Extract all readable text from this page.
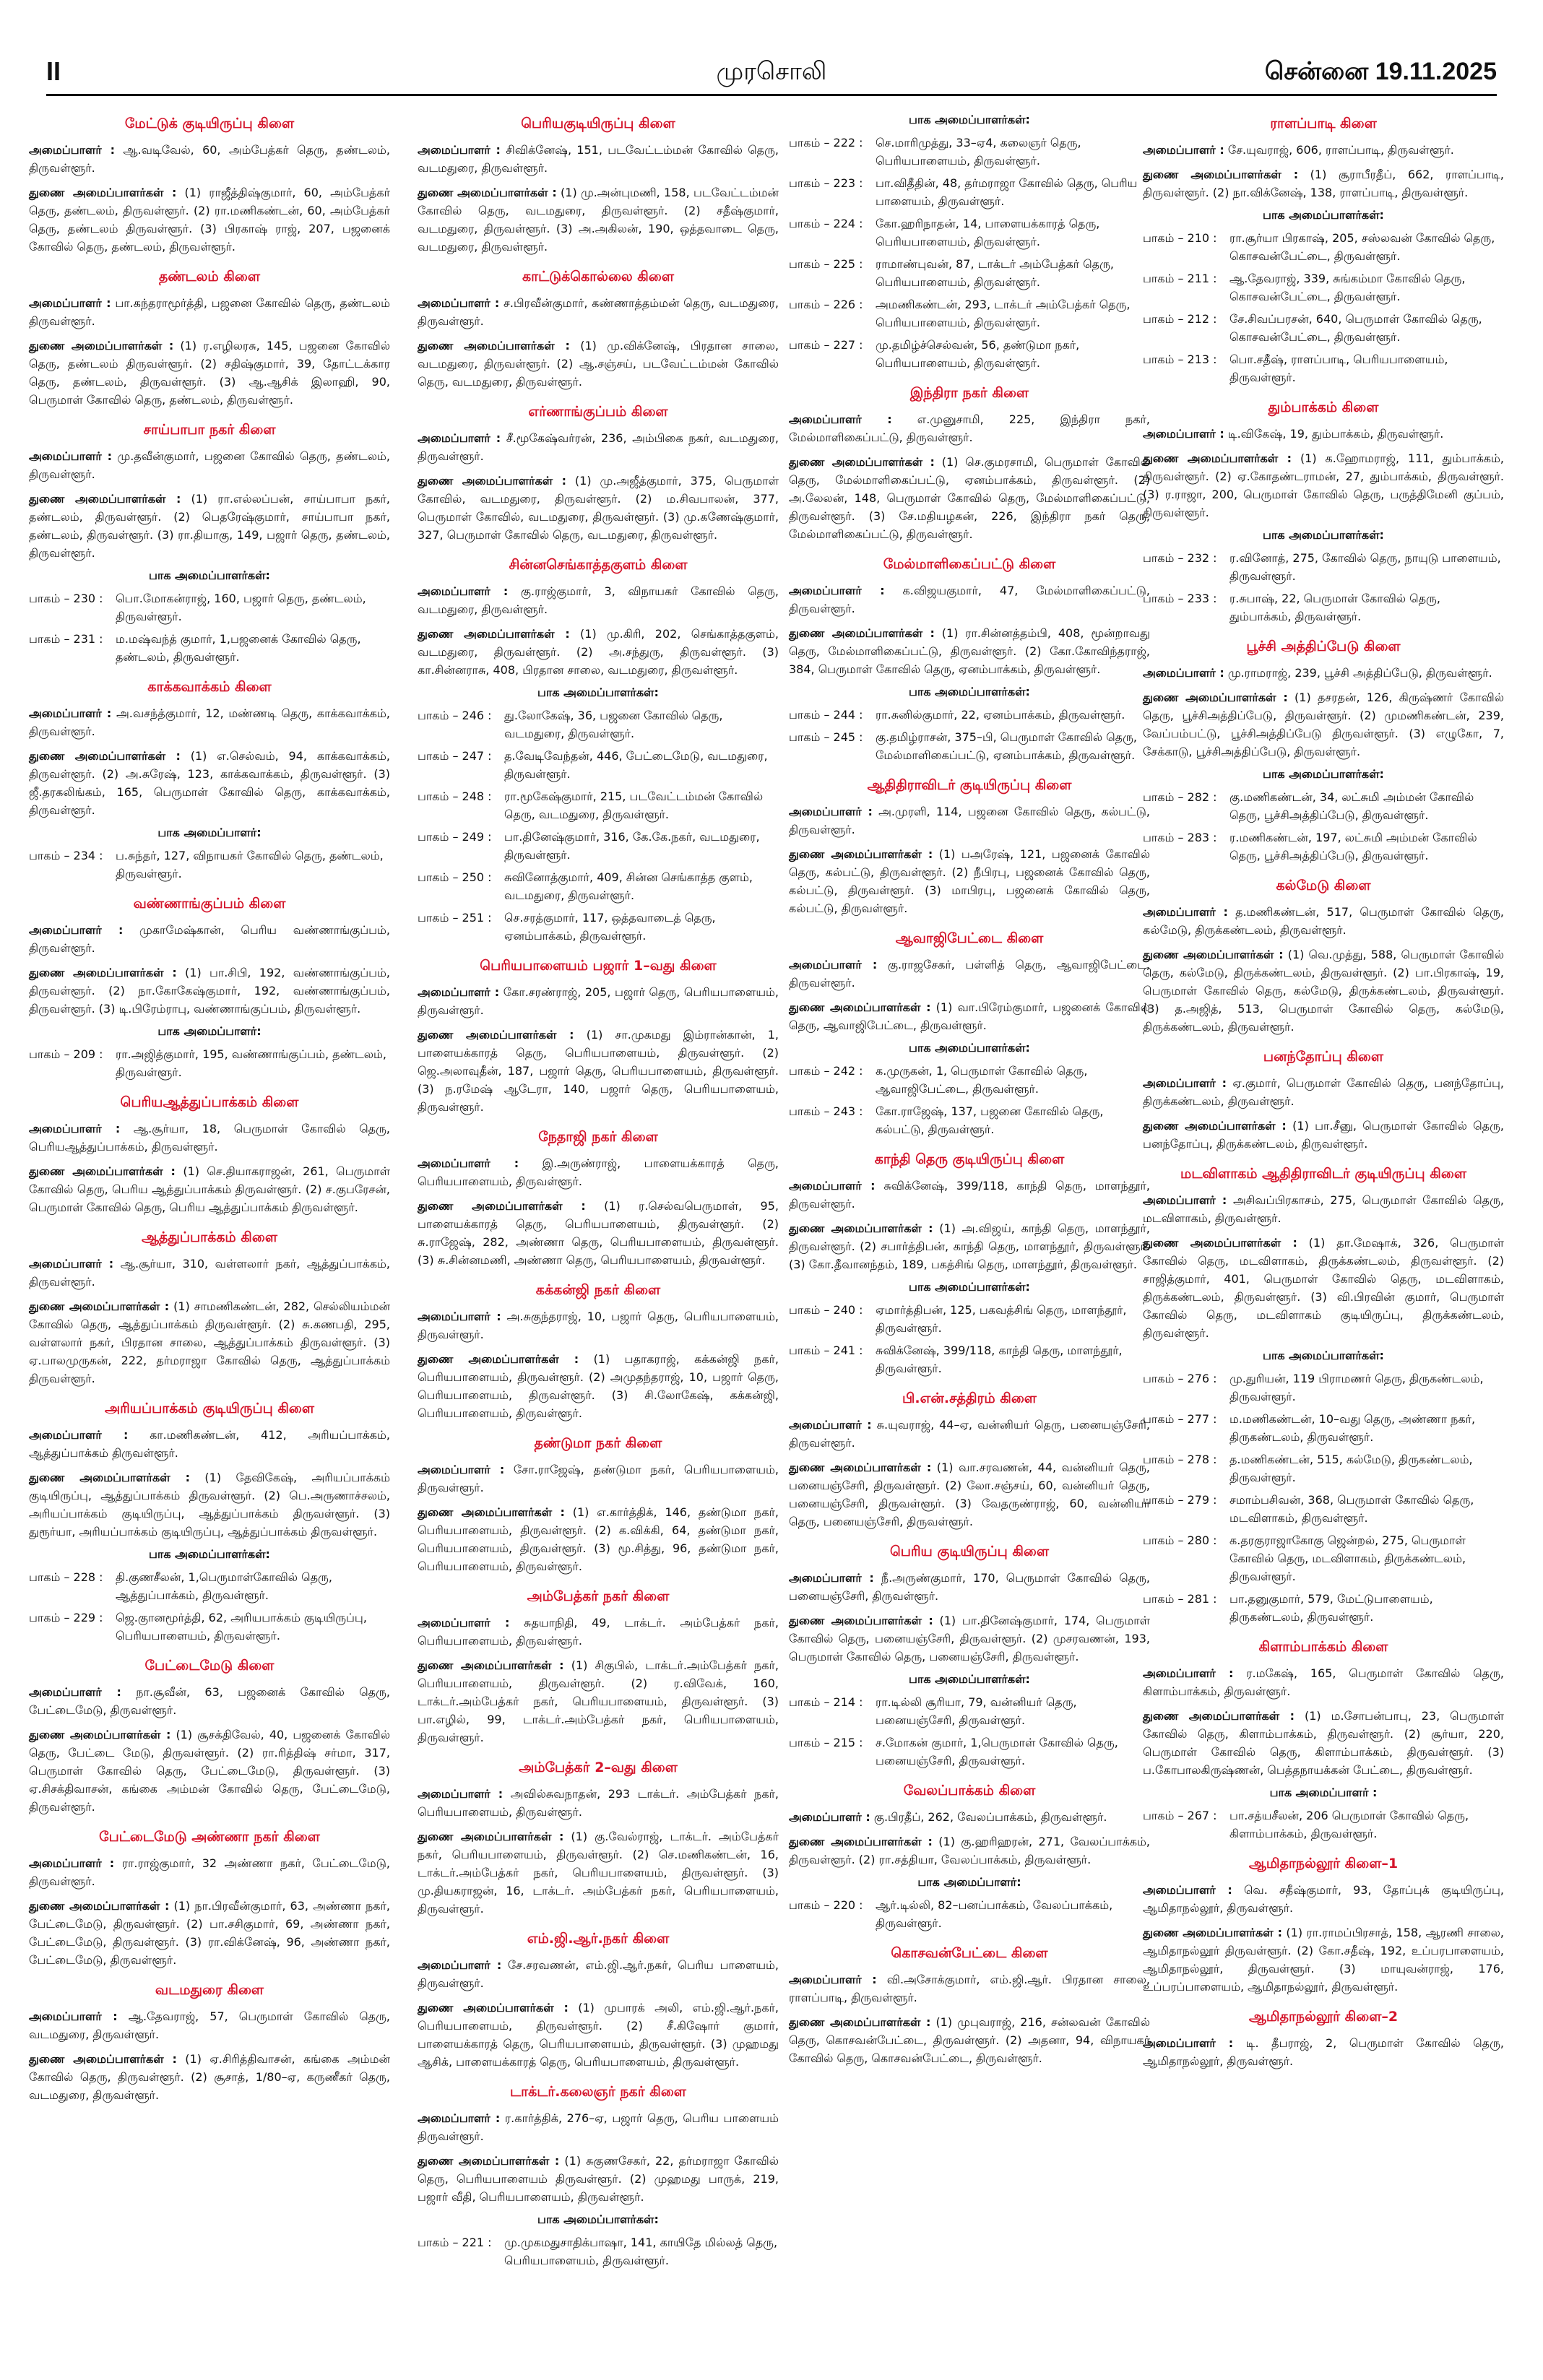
II	முரசொலி	சென்னை 19.11.2025
மேட்டுக் குடியிருப்பு கிளை
அமைப்பாளர் : ஆ.வடிவேல், 60, அம்பேத்கர் தெரு, தண்டலம், திருவள்ளூர்.
துணை அமைப்பாளர்கள் : (1) ராஜீத்திஷ்குமார், 60, அம்பேத்கர் தெரு, தண்டலம், திருவள்ளூர். (2) ரா.மணிகண்டன், 60, அம்பேத்கர் தெரு, தண்டலம் திருவள்ளூர். (3) பிரகாஷ் ராஜ், 207, பஜனைக் கோவில் தெரு, தண்டலம், திருவள்ளூர்.
தண்டலம் கிளை
அமைப்பாளர் : பா.கந்தராமூர்த்தி, பஜனை கோவில் தெரு, தண்டலம் திருவள்ளூர்.
துணை அமைப்பாளர்கள் : (1) ர.எழிலரசு, 145, பஜனை கோவில் தெரு, தண்டலம் திருவள்ளூர். (2) சதிஷ்குமார், 39, தோட்டக்கார தெரு, தண்டலம், திருவள்ளூர். (3) ஆ.ஆசிக் இலாஹி, 90, பெருமாள் கோவில் தெரு, தண்டலம், திருவள்ளூர்.
சாய்பாபா நகர் கிளை
அமைப்பாளர் : மு.தவீன்குமார், பஜனை கோவில் தெரு, தண்டலம், திருவள்ளூர்.
துணை அமைப்பாளர்கள் : (1) ரா.எல்லப்பன், சாய்பாபா நகர், தண்டலம், திருவள்ளூர். (2) பெதரேஷ்குமார், சாய்பாபா நகர், தண்டலம், திருவள்ளூர். (3) ரா.தியாகு, 149, பஜார் தெரு, தண்டலம், திருவள்ளூர்.
பாக அமைப்பாளர்கள்:
பாகம் – 230 :	பொ.மோகன்ராஜ், 160, பஜார் தெரு, தண்டலம், திருவள்ளூர்.
பாகம் – 231 :	ம.மஷ்வந்த் குமார், 1,பஜனைக் கோவில் தெரு, தண்டலம், திருவள்ளூர்.
காக்கவாக்கம் கிளை
அமைப்பாளர் : அ.வசந்த்குமார், 12, மண்ணடி தெரு, காக்கவாக்கம், திருவள்ளூர்.
துணை அமைப்பாளர்கள் : (1) எ.செல்வம், 94, காக்கவாக்கம், திருவள்ளூர். (2) அ.சுரேஷ், 123, காக்கவாக்கம், திருவள்ளூர். (3) ஜீ.தரகலிங்கம், 165, பெருமாள் கோவில் தெரு, காக்கவாக்கம், திருவள்ளூர்.
பாக அமைப்பாளர்:
பாகம் – 234 :	ப.சுந்தர், 127, விநாயகர் கோவில் தெரு, தண்டலம், திருவள்ளூர்.
வண்ணாங்குப்பம் கிளை
அமைப்பாளர் : முகாமேஷ்கான், பெரிய வண்ணாங்குப்பம், திருவள்ளூர்.
துணை அமைப்பாளர்கள் : (1) பா.சிபி, 192, வண்ணாங்குப்பம், திருவள்ளூர். (2) நா.கோகேஷ்குமார், 192, வண்ணாங்குப்பம், திருவள்ளூர். (3) டி.பிரேம்ராபு, வண்ணாங்குப்பம், திருவள்ளூர்.
பாக அமைப்பாளர்:
பாகம் – 209 :	ரா.அஜித்குமார், 195, வண்ணாங்குப்பம், தண்டலம், திருவள்ளூர்.
பெரியஆத்துப்பாக்கம் கிளை
அமைப்பாளர் : ஆ.சூர்யா, 18, பெருமாள் கோவில் தெரு, பெரியஆத்துப்பாக்கம், திருவள்ளூர்.
துணை அமைப்பாளர்கள் : (1) செ.தியாகராஜன், 261, பெருமாள் கோவில் தெரு, பெரிய ஆத்துப்பாக்கம் திருவள்ளூர். (2) ச.குபரேசன், பெருமாள் கோவில் தெரு, பெரிய ஆத்துப்பாக்கம் திருவள்ளூர்.
ஆத்துப்பாக்கம் கிளை
அமைப்பாளர் : ஆ.சூர்யா, 310, வள்ளலார் நகர், ஆத்துப்பாக்கம், திருவள்ளூர்.
துணை அமைப்பாளர்கள் : (1) சாமணிகண்டன், 282, செல்லியம்மன் கோவில் தெரு, ஆத்துப்பாக்கம் திருவள்ளூர். (2) சு.கணபதி, 295, வள்ளலார் நகர், பிரதான சாலை, ஆத்துப்பாக்கம் திருவள்ளூர். (3) ஏ.பாலமுருகன், 222, தர்மராஜா கோவில் தெரு, ஆத்துப்பாக்கம் திருவள்ளூர்.
அரியப்பாக்கம் குடியிருப்பு கிளை
அமைப்பாளர் : கா.மணிகண்டன், 412, அரியப்பாக்கம், ஆத்துப்பாக்கம் திருவள்ளூர்.
துணை அமைப்பாளர்கள் : (1) தேவிகேஷ், அரியப்பாக்கம் குடியிருப்பு, ஆத்துப்பாக்கம் திருவள்ளூர். (2) பெ.அருணாச்சலம், அரியப்பாக்கம் குடியிருப்பு, ஆத்துப்பாக்கம் திருவள்ளூர். (3) துரூர்யா, அரியப்பாக்கம் குடியிருப்பு, ஆத்துப்பாக்கம் திருவள்ளூர்.
பாக அமைப்பாளர்கள்:
பாகம் – 228 :	தி.குணசீலன், 1,பெருமாள்கோவில் தெரு, ஆத்துப்பாக்கம், திருவள்ளூர்.
பாகம் – 229 :	ஜெ.குானமூர்த்தி, 62, அரியபாக்கம் குடியிருப்பு, பெரியபாளையம், திருவள்ளூர்.
பேட்டைமேடு கிளை
அமைப்பாளர் : நா.சூவீன், 63, பஜனைக் கோவில் தெரு, பேட்டைமேடு, திருவள்ளூர்.
துணை அமைப்பாளர்கள் : (1) சூசக்திவேல், 40, பஜனைக் கோவில் தெரு, பேட்டை மேடு, திருவள்ளூர். (2) ரா.ரித்திஷ் சர்மா, 317, பெருமாள் கோவில் தெரு, பேட்டைமேடு, திருவள்ளூர். (3) ஏ.சிசக்திவாசன், கங்கை அம்மன் கோவில் தெரு, பேட்டைமேடு, திருவள்ளூர்.
பேட்டைமேடு அண்ணா நகர் கிளை
அமைப்பாளர் : ரா.ராஜ்குமார், 32 அண்ணா நகர், பேட்டைமேடு, திருவள்ளூர்.
துணை அமைப்பாளர்கள் : (1) நா.பிரவீன்குமார், 63, அண்ணா நகர், பேட்டைமேடு, திருவள்ளூர். (2) பா.சசிகுமார், 69, அண்ணா நகர், பேட்டைமேடு, திருவள்ளூர். (3) ரா.விக்னேஷ், 96, அண்ணா நகர், பேட்டைமேடு, திருவள்ளூர்.
வடமதுரை கிளை
அமைப்பாளர் : ஆ.தேவராஜ், 57, பெருமாள் கோவில் தெரு, வடமதுரை, திருவள்ளூர்.
துணை அமைப்பாளர்கள் : (1) ஏ.சிரித்திவாசன், கங்கை அம்மன் கோவில் தெரு, திருவள்ளூர். (2) சூசாத், 1/80–ஏ, கருணீகர் தெரு, வடமதுரை, திருவள்ளூர்.
பெரியகுடியிருப்பு கிளை
அமைப்பாளர் : சிவிக்னேஷ், 151, படவேட்டம்மன் கோவில் தெரு, வடமதுரை, திருவள்ளூர்.
துணை அமைப்பாளர்கள் : (1) மு.அன்புமணி, 158, படவேட்டம்மன் கோவில் தெரு, வடமதுரை, திருவள்ளூர். (2) சதீஷ்குமார், வடமதுரை, திருவள்ளூர். (3) அ.அகிலன், 190, ஒத்தவாடை தெரு, வடமதுரை, திருவள்ளூர்.
காட்டுக்கொல்லை கிளை
அமைப்பாளர் : ச.பிரவீன்குமார், கண்ணாத்தம்மன் தெரு, வடமதுரை, திருவள்ளூர்.
துணை அமைப்பாளர்கள் : (1) மு.விக்னேஷ், பிரதான சாலை, வடமதுரை, திருவள்ளூர். (2) ஆ.சஞ்சய், படவேட்டம்மன் கோவில் தெரு, வடமதுரை, திருவள்ளூர்.
எர்ணாங்குப்பம் கிளை
அமைப்பாளர் : சீ.மூகேஷ்வர்ரன், 236, அம்பிகை நகர், வடமதுரை, திருவள்ளூர்.
துணை அமைப்பாளர்கள் : (1) மு.அஜீத்குமார், 375, பெருமாள் கோவில், வடமதுரை, திருவள்ளூர். (2) ம.சிவபாலன், 377, பெருமாள் கோவில், வடமதுரை, திருவள்ளூர். (3) மு.கணேஷ்குமார், 327, பெருமாள் கோவில் தெரு, வடமதுரை, திருவள்ளூர்.
சின்னசெங்காத்தகுளம் கிளை
அமைப்பாளர் : கு.ராஜ்குமார், 3, விநாயகர் கோவில் தெரு, வடமதுரை, திருவள்ளூர்.
துணை அமைப்பாளர்கள் : (1) மு.கிரி, 202, செங்காத்தகுளம், வடமதுரை, திருவள்ளூர். (2) அ.சந்துரு, திருவள்ளூர். (3) கா.சின்னராசு, 408, பிரதான சாலை, வடமதுரை, திருவள்ளூர்.
பாக அமைப்பாளர்கள்:
பாகம் – 246 :	து.லோகேஷ், 36, பஜனை கோவில் தெரு, வடமதுரை, திருவள்ளூர்.
பாகம் – 247 :	த.வேடிவேந்தன், 446, பேட்டைமேடு, வடமதுரை, திருவள்ளூர்.
பாகம் – 248 :	ரா.மூகேஷ்குமார், 215, படவேட்டம்மன் கோவில் தெரு, வடமதுரை, திருவள்ளூர்.
பாகம் – 249 :	பா.தினேஷ்குமார், 316, கே.கே.நகர், வடமதுரை, திருவள்ளூர்.
பாகம் – 250 :	சுவினோத்குமார், 409, சின்ன செங்காத்த குளம், வடமதுரை, திருவள்ளூர்.
பாகம் – 251 :	செ.சரத்குமார், 117, ஒத்தவாடைத் தெரு, ஏனம்பாக்கம், திருவள்ளூர்.
பெரியபாளையம் பஜார் 1–வது கிளை
அமைப்பாளர் : கோ.சரண்ராஜ், 205, பஜார் தெரு, பெரியபாளையம், திருவள்ளூர்.
துணை அமைப்பாளர்கள் : (1) சா.முகமது இம்ரான்கான், 1, பாளையக்காரத் தெரு, பெரியபாளையம், திருவள்ளூர். (2) ஜெ.அலாவுதீன், 187, பஜார் தெரு, பெரியபாளையம், திருவள்ளூர். (3) ந.ரமேஷ் ஆடேரா, 140, பஜார் தெரு, பெரியபாளையம், திருவள்ளூர்.
நேதாஜி நகர் கிளை
அமைப்பாளர் : இ.அருண்ராஜ், பாளையக்காரத் தெரு, பெரியபாளையம், திருவள்ளூர்.
துணை அமைப்பாளர்கள் : (1) ர.செல்வபெருமாள், 95, பாளையக்காரத் தெரு, பெரியபாளையம், திருவள்ளூர். (2) சு.ராஜேஷ், 282, அண்ணா தெரு, பெரியபாளையம், திருவள்ளூர். (3) சு.சின்னமணி, அண்ணா தெரு, பெரியபாளையம், திருவள்ளூர்.
கக்கன்ஜி நகர் கிளை
அமைப்பாளர் : அ.சுகுந்தராஜ், 10, பஜார் தெரு, பெரியபாளையம், திருவள்ளூர்.
துணை அமைப்பாளர்கள் : (1) பதாகராஜ், கக்கன்ஜி நகர், பெரியபாளையம், திருவள்ளூர். (2) அமுதந்தராஜ், 10, பஜார் தெரு, பெரியபாளையம், திருவள்ளூர். (3) சி.லோகேஷ், கக்கன்ஜி, பெரியபாளையம், திருவள்ளூர்.
தண்டுமா நகர் கிளை
அமைப்பாளர் : சோ.ராஜேஷ், தண்டுமா நகர், பெரியபாளையம், திருவள்ளூர்.
துணை அமைப்பாளர்கள் : (1) எ.கார்த்திக், 146, தண்டுமா நகர், பெரியபாளையம், திருவள்ளூர். (2) க.விக்கி, 64, தண்டுமா நகர், பெரியபாளையம், திருவள்ளூர். (3) மூ.சித்து, 96, தண்டுமா நகர், பெரியபாளையம், திருவள்ளூர்.
அம்பேத்கர் நகர் கிளை
அமைப்பாளர் : சுதயாநிதி, 49, டாக்டர். அம்பேத்கர் நகர், பெரியபாளையம், திருவள்ளூர்.
துணை அமைப்பாளர்கள் : (1) சிகுபில், டாக்டர்.அம்பேத்கர் நகர், பெரியபாளையம், திருவள்ளூர். (2) ர.விவேக், 160, டாக்டர்.அம்பேத்கர் நகர், பெரியபாளையம், திருவள்ளூர். (3) பா.எழில், 99, டாக்டர்.அம்பேத்கர் நகர், பெரியபாளையம், திருவள்ளூர்.
அம்பேத்கர் 2–வது கிளை
அமைப்பாளர் : அவில்சுவநாதன், 293 டாக்டர். அம்பேத்கர் நகர், பெரியபாளையம், திருவள்ளூர்.
துணை அமைப்பாளர்கள் : (1) கு.வேல்ராஜ், டாக்டர். அம்பேத்கர் நகர், பெரியபாளையம், திருவள்ளூர். (2) செ.மணிகண்டன், 16, டாக்டர்.அம்பேத்கர் நகர், பெரியபாளையம், திருவள்ளூர். (3) மு.தியகராஜன், 16, டாக்டர். அம்பேத்கர் நகர், பெரியபாளையம், திருவள்ளூர்.
எம்.ஜி.ஆர்.நகர் கிளை
அமைப்பாளர் : சே.சரவணன், எம்.ஜி.ஆர்.நகர், பெரிய பாளையம், திருவள்ளூர்.
துணை அமைப்பாளர்கள் : (1) முபாரக் அலி, எம்.ஜி.ஆர்.நகர், பெரியபாளையம், திருவள்ளூர். (2) சீ.கிஷோர் குமார், பாளையக்காரத் தெரு, பெரியபாளையம், திருவள்ளூர். (3) முஹமது ஆசிக், பாளையக்காரத் தெரு, பெரியபாளையம், திருவள்ளூர்.
டாக்டர்.கலைஞர் நகர் கிளை
அமைப்பாளர் : ர.கார்த்திக், 276–ஏ, பஜார் தெரு, பெரிய பாளையம் திருவள்ளூர்.
துணை அமைப்பாளர்கள் : (1) சுகுணசேகர், 22, தர்மராஜா கோவில் தெரு, பெரியபாளையம் திருவள்ளூர். (2) முஹமது பாருக், 219, பஜார் வீதி, பெரியபாளையம், திருவள்ளூர்.
பாக அமைப்பாளர்கள்:
பாகம் – 221 :	மு.முகமதுசாதிக்பாஷா, 141, காயிதே மில்லத் தெரு, பெரியபாளையம், திருவள்ளூர்.
பாக அமைப்பாளர்கள்:
பாகம் – 222 :	செ.மாரிமுத்து, 33–ஏ4, கலைஞர் தெரு, பெரியபாளையம், திருவள்ளூர்.
பாகம் – 223 :	பா.விதீதின், 48, தர்மராஜா கோவில் தெரு, பெரிய பாளையம், திருவள்ளூர்.
பாகம் – 224 :	கோ.ஹரிநாதன், 14, பாளையக்காரத் தெரு, பெரியபாளையம், திருவள்ளூர்.
பாகம் – 225 :	ராமாண்புவன், 87, டாக்டர் அம்பேத்கர் தெரு, பெரியபாளையம், திருவள்ளூர்.
பாகம் – 226 :	அமணிகண்டன், 293, டாக்டர் அம்பேத்கர் தெரு, பெரியபாளையம், திருவள்ளூர்.
பாகம் – 227 :	மு.தமிழ்ச்செல்வன், 56, தண்டுமா நகர், பெரியபாளையம், திருவள்ளூர்.
இந்திரா நகர் கிளை
அமைப்பாளர் : எ.முனுசாமி, 225, இந்திரா நகர், மேல்மாளிகைப்பட்டு, திருவள்ளூர்.
துணை அமைப்பாளர்கள் : (1) செ.குமரசாமி, பெருமாள் கோவில் தெரு, மேல்மாளிகைப்பட்டு, ஏனம்பாக்கம், திருவள்ளூர். (2) அ.லேலன், 148, பெருமாள் கோவில் தெரு, மேல்மாளிகைப்பட்டு, திருவள்ளூர். (3) சே.மதியழகன், 226, இந்திரா நகர் தெரு, மேல்மாளிகைப்பட்டு, திருவள்ளூர்.
மேல்மாளிகைப்பட்டு கிளை
அமைப்பாளர் : க.விஜயகுமார், 47, மேல்மாளிகைப்பட்டு, திருவள்ளூர்.
துணை அமைப்பாளர்கள் : (1) ரா.சின்னத்தம்பி, 408, மூன்றாவது தெரு, மேல்மாளிகைப்பட்டு, திருவள்ளூர். (2) கோ.கோவிந்தராஜ், 384, பெருமாள் கோவில் தெரு, ஏனம்பாக்கம், திருவள்ளூர்.
பாக அமைப்பாளர்கள்:
பாகம் – 244 :	ரா.சுனில்குமார், 22, ஏனம்பாக்கம், திருவள்ளூர்.
பாகம் – 245 :	கு.தமிழ்ராசன், 375–பி, பெருமாள் கோவில் தெரு, மேல்மாளிகைப்பட்டு, ஏனம்பாக்கம், திருவள்ளூர்.
ஆதிதிராவிடர் குடியிருப்பு கிளை
அமைப்பாளர் : அ.முரளி, 114, பஜனை கோவில் தெரு, கல்பட்டு, திருவள்ளூர்.
துணை அமைப்பாளர்கள் : (1) பஅரேஷ், 121, பஜனைக் கோவில் தெரு, கல்பட்டு, திருவள்ளூர். (2) நீபிரபு, பஜனைக் கோவில் தெரு, கல்பட்டு, திருவள்ளூர். (3) மாபிரபு, பஜனைக் கோவில் தெரு, கல்பட்டு, திருவள்ளூர்.
ஆவாஜிபேட்டை கிளை
அமைப்பாளர் : கு.ராஜசேகர், பள்ளித் தெரு, ஆவாஜிபேட்டை, திருவள்ளூர்.
துணை அமைப்பாளர்கள் : (1) வா.பிரேம்குமார், பஜனைக் கோவில் தெரு, ஆவாஜிபேட்டை, திருவள்ளூர்.
பாக அமைப்பாளர்கள்:
பாகம் – 242 :	க.முருகன், 1, பெருமாள் கோவில் தெரு, ஆவாஜிபேட்டை, திருவள்ளூர்.
பாகம் – 243 :	கோ.ராஜேஷ், 137, பஜனை கோவில் தெரு, கல்பட்டு, திருவள்ளூர்.
காந்தி தெரு குடியிருப்பு கிளை
அமைப்பாளர் : சுவிக்னேஷ், 399/118, காந்தி தெரு, மாளந்தூர், திருவள்ளூர்.
துணை அமைப்பாளர்கள் : (1) அ.விஜய், காந்தி தெரு, மாளந்தூர், திருவள்ளூர். (2) சபார்த்திபன், காந்தி தெரு, மாளந்தூர், திருவள்ளூர். (3) கோ.தீவானந்தம், 189, பகத்சிங் தெரு, மாளந்தூர், திருவள்ளூர்.
பாக அமைப்பாளர்கள்:
பாகம் – 240 :	ஏமார்த்திபன், 125, பகவத்சிங் தெரு, மாளந்தூர், திருவள்ளூர்.
பாகம் – 241 :	சுவிக்னேஷ், 399/118, காந்தி தெரு, மாளந்தூர், திருவள்ளூர்.
பி.என்.சத்திரம் கிளை
அமைப்பாளர் : சு.யுவராஜ், 44–ஏ, வன்னியர் தெரு, பனையஞ்சேரி, திருவள்ளூர்.
துணை அமைப்பாளர்கள் : (1) வா.சரவணன், 44, வன்னியர் தெரு, பனையஞ்சேரி, திருவள்ளூர். (2) லோ.சஞ்சய், 60, வன்னியர் தெரு, பனையஞ்சேரி, திருவள்ளூர். (3) வேதருண்ராஜ், 60, வன்னியர் தெரு, பனையஞ்சேரி, திருவள்ளூர்.
பெரிய குடியிருப்பு கிளை
அமைப்பாளர் : நீ.அருண்குமார், 170, பெருமாள் கோவில் தெரு, பனையஞ்சேரி, திருவள்ளூர்.
துணை அமைப்பாளர்கள் : (1) பா.தினேஷ்குமார், 174, பெருமாள் கோவில் தெரு, பனையஞ்சேரி, திருவள்ளூர். (2) முசரவணன், 193, பெருமாள் கோவில் தெரு, பனையஞ்சேரி, திருவள்ளூர்.
பாக அமைப்பாளர்கள்:
பாகம் – 214 :	ரா.டில்லி சூரியா, 79, வன்னியர் தெரு, பனையஞ்சேரி, திருவள்ளூர்.
பாகம் – 215 :	ச.மோகன் குமார், 1,பெருமாள் கோவில் தெரு, பனையஞ்சேரி, திருவள்ளூர்.
வேலப்பாக்கம் கிளை
அமைப்பாளர் : கு.பிரதீப், 262, வேலப்பாக்கம், திருவள்ளூர்.
துணை அமைப்பாளர்கள் : (1) கு.ஹரிஹரன், 271, வேலப்பாக்கம், திருவள்ளூர். (2) ரா.சத்தியா, வேலப்பாக்கம், திருவள்ளூர்.
பாக அமைப்பாளர்:
பாகம் – 220 :	ஆர்.டில்லி, 82–பனப்பாக்கம், வேலப்பாக்கம், திருவள்ளூர்.
கொசவன்பேட்டை கிளை
அமைப்பாளர் : வி.அசோக்குமார், எம்.ஜி.ஆர். பிரதான சாலை, ராளப்பாடி, திருவள்ளூர்.
துணை அமைப்பாளர்கள் : (1) முபுவராஜ், 216, சன்லவன் கோவில் தெரு, கொசவன்பேட்டை, திருவள்ளூர். (2) அதனா, 94, விநாயகர் கோவில் தெரு, கொசவன்பேட்டை, திருவள்ளூர்.
ராளப்பாடி கிளை
அமைப்பாளர் : சே.யுவராஜ், 606, ராளப்பாடி, திருவள்ளூர்.
துணை அமைப்பாளர்கள் : (1) சூராபீரதீப், 662, ராளப்பாடி, திருவள்ளூர். (2) நா.விக்னேஷ், 138, ராளப்பாடி, திருவள்ளூர்.
பாக அமைப்பாளர்கள்:
பாகம் – 210 :	ரா.சூர்யா பிரகாஷ், 205, சஸ்லவன் கோவில் தெரு, கொசவன்பேட்டை, திருவள்ளூர்.
பாகம் – 211 :	ஆ.தேவராஜ், 339, சுங்கம்மா கோவில் தெரு, கொசவன்பேட்டை, திருவள்ளூர்.
பாகம் – 212 :	சே.சிவப்பரசன், 640, பெருமாள் கோவில் தெரு, கொசவன்பேட்டை, திருவள்ளூர்.
பாகம் – 213 :	பொ.சதீஷ், ராளப்பாடி, பெரியபாளையம், திருவள்ளூர்.
தும்பாக்கம் கிளை
அமைப்பாளர் : டி.விகேஷ், 19, தும்பாக்கம், திருவள்ளூர்.
துணை அமைப்பாளர்கள் : (1) க.ஹோமராஜ், 111, தும்பாக்கம், திருவள்ளூர். (2) ஏ.கோதண்டராமன், 27, தும்பாக்கம், திருவள்ளூர். (3) ர.ராஜா, 200, பெருமாள் கோவில் தெரு, பருத்திமேனி குப்பம், திருவள்ளூர்.
பாக அமைப்பாளர்கள்:
பாகம் – 232 :	ர.வினோத், 275, கோவில் தெரு, நாயுடு பாளையம், திருவள்ளூர்.
பாகம் – 233 :	ர.சுபாஷ், 22, பெருமாள் கோவில் தெரு, தும்பாக்கம், திருவள்ளூர்.
பூச்சி அத்திப்பேடு கிளை
அமைப்பாளர் : மு.ராமராஜ், 239, பூச்சி அத்திப்பேடு, திருவள்ளூர்.
துணை அமைப்பாளர்கள் : (1) தசரதன், 126, கிருஷ்ணர் கோவில் தெரு, பூச்சிஅத்திப்பேடு, திருவள்ளூர். (2) முமணிகண்டன், 239, வேப்பம்பட்டு, பூச்சிஅத்திப்பேடு திருவள்ளூர். (3) எழுகோ, 7, சேக்காடு, பூச்சிஅத்திப்பேடு, திருவள்ளூர்.
பாக அமைப்பாளர்கள்:
பாகம் – 282 :	கு.மணிகண்டன், 34, லட்சுமி அம்மன் கோவில் தெரு, பூச்சிஅத்திப்பேடு, திருவள்ளூர்.
பாகம் – 283 :	ர.மணிகண்டன், 197, லட்சுமி அம்மன் கோவில் தெரு, பூச்சிஅத்திப்பேடு, திருவள்ளூர்.
கல்மேடு கிளை
அமைப்பாளர் : த.மணிகண்டன், 517, பெருமாள் கோவில் தெரு, கல்மேடு, திருக்கண்டலம், திருவள்ளூர்.
துணை அமைப்பாளர்கள் : (1) வெ.முத்து, 588, பெருமாள் கோவில் தெரு, கல்மேடு, திருக்கண்டலம், திருவள்ளூர். (2) பா.பிரகாஷ், 19, பெருமாள் கோவில் தெரு, கல்மேடு, திருக்கண்டலம், திருவள்ளூர். (3) த.அஜித், 513, பெருமாள் கோவில் தெரு, கல்மேடு, திருக்கண்டலம், திருவள்ளூர்.
பனந்தோப்பு கிளை
அமைப்பாளர் : ஏ.குமார், பெருமாள் கோவில் தெரு, பனந்தோப்பு, திருக்கண்டலம், திருவள்ளூர்.
துணை அமைப்பாளர்கள் : (1) பா.சீனு, பெருமாள் கோவில் தெரு, பனந்தோப்பு, திருக்கண்டலம், திருவள்ளூர்.
மடவிளாகம் ஆதிதிராவிடர் குடியிருப்பு கிளை
அமைப்பாளர் : அசிவப்பிரகாசம், 275, பெருமாள் கோவில் தெரு, மடவிளாகம், திருவள்ளூர்.
துணை அமைப்பாளர்கள் : (1) தா.மேஷாக், 326, பெருமாள் கோவில் தெரு, மடவிளாகம், திருக்கண்டலம், திருவள்ளூர். (2) சாஜித்குமார், 401, பெருமாள் கோவில் தெரு, மடவிளாகம், திருக்கண்டலம், திருவள்ளூர். (3) வி.பிரவின் குமார், பெருமாள் கோவில் தெரு, மடவிளாகம் குடியிருப்பு, திருக்கண்டலம், திருவள்ளூர்.
பாக அமைப்பாளர்கள்:
பாகம் – 276 :	மு.துரியன், 119 பிராமணர் தெரு, திருகண்டலம், திருவள்ளூர்.
பாகம் – 277 :	ம.மணிகண்டன், 10–வது தெரு, அண்ணா நகர், திருகண்டலம், திருவள்ளூர்.
பாகம் – 278 :	த.மணிகண்டன், 515, கல்மேடு, திருகண்டலம், திருவள்ளூர்.
பாகம் – 279 :	சமாம்பசிவன், 368, பெருமாள் கோவில் தெரு, மடவிளாகம், திருவள்ளூர்.
பாகம் – 280 :	க.தரகுராஜாகோகு ஜென்றல், 275, பெருமாள் கோவில் தெரு, மடவிளாகம், திருக்கண்டலம், திருவள்ளூர்.
பாகம் – 281 :	பா.தனுகுமார், 579, மேட்டுபாளையம், திருகண்டலம், திருவள்ளூர்.
கிளாம்பாக்கம் கிளை
அமைப்பாளர் : ர.மகேஷ், 165, பெருமாள் கோவில் தெரு, கிளாம்பாக்கம், திருவள்ளூர்.
துணை அமைப்பாளர்கள் : (1) ம.சோபன்பாபு, 23, பெருமாள் கோவில் தெரு, கிளாம்பாக்கம், திருவள்ளூர். (2) சூர்யா, 220, பெருமாள் கோவில் தெரு, கிளாம்பாக்கம், திருவள்ளூர். (3) ப.கோபாலகிருஷ்ணன், பெத்தநாயக்கன் பேட்டை, திருவள்ளூர்.
பாக அமைப்பாளர் :
பாகம் – 267 :	பா.சத்யசீலன், 206 பெருமாள் கோவில் தெரு, கிளாம்பாக்கம், திருவள்ளூர்.
ஆமிதாநல்லூர் கிளை–1
அமைப்பாளர் : வெ. சதீஷ்குமார், 93, தோப்புக் குடியிருப்பு, ஆமிதாநல்லூர், திருவள்ளூர்.
துணை அமைப்பாளர்கள் : (1) ரா.ராமப்பிரசாத், 158, ஆரணி சாலை, ஆமிதாநல்லூர் திருவள்ளூர். (2) கோ.சதீஷ், 192, உப்பரபாளையம், ஆமிதாநல்லூர், திருவள்ளூர். (3) மாயுவன்ராஜ், 176, உப்பரப்பாளையம், ஆமிதாநல்லூர், திருவள்ளூர்.
ஆமிதாநல்லூர் கிளை–2
அமைப்பாளர் : டி. தீபராஜ், 2, பெருமாள் கோவில் தெரு, ஆமிதாநல்லூர், திருவள்ளூர்.
